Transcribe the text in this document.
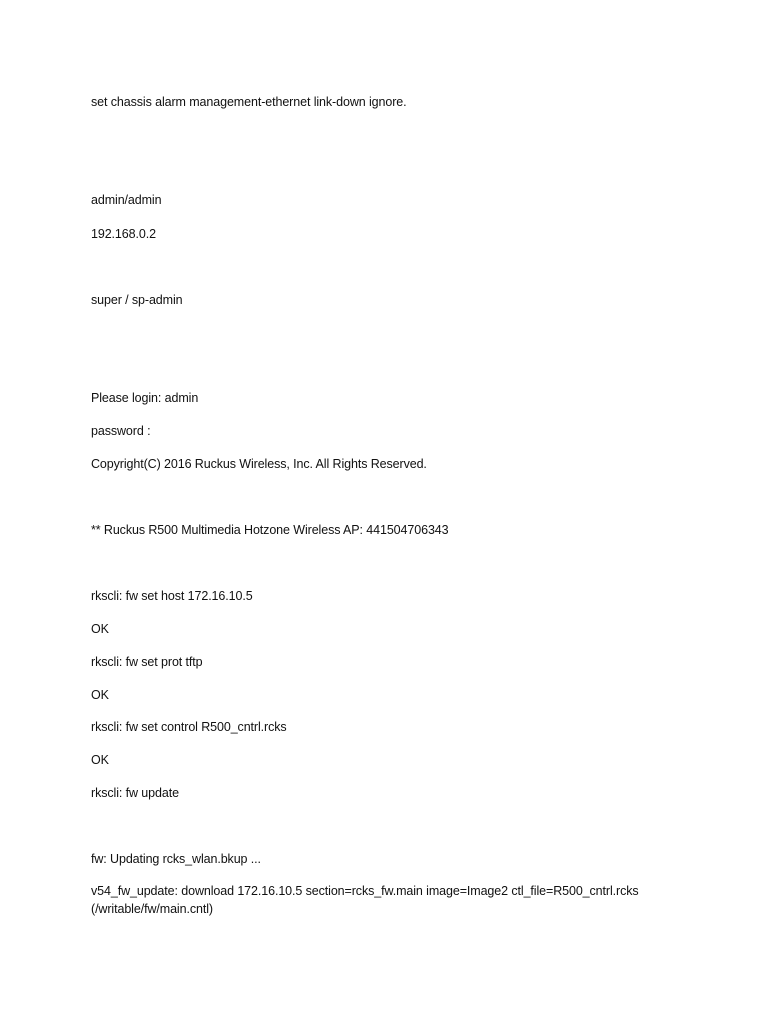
set chassis alarm management-ethernet link-down ignore.
admin/admin
192.168.0.2
super / sp-admin
Please login: admin
password :
Copyright(C) 2016 Ruckus Wireless, Inc. All Rights Reserved.
** Ruckus R500 Multimedia Hotzone Wireless AP: 441504706343
rkscli: fw set host 172.16.10.5
OK
rkscli: fw set prot tftp
OK
rkscli: fw set control R500_cntrl.rcks
OK
rkscli: fw update
fw: Updating rcks_wlan.bkup ...
v54_fw_update: download 172.16.10.5 section=rcks_fw.main image=Image2 ctl_file=R500_cntrl.rcks
(/writable/fw/main.cntl)
